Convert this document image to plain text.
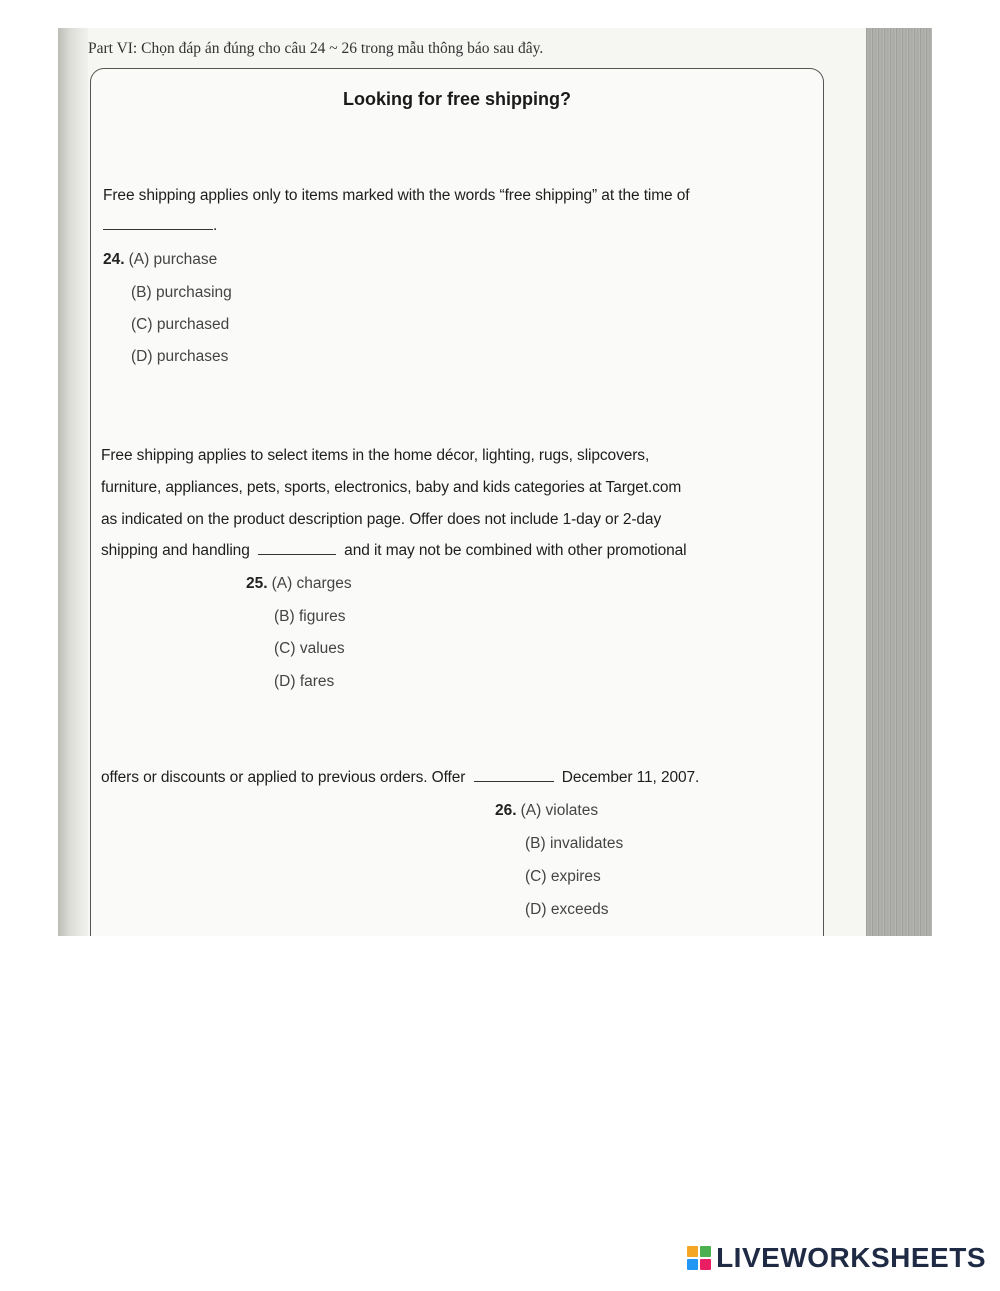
Part VI: Chọn đáp án đúng cho câu 24 ~ 26 trong mẫu thông báo sau đây.
Looking for free shipping?
Free shipping applies only to items marked with the words “free shipping” at the time of
.
24. (A) purchase
(B) purchasing
(C) purchased
(D) purchases
Free shipping applies to select items in the home décor, lighting, rugs, slipcovers,
furniture, appliances, pets, sports, electronics, baby and kids categories at Target.com
as indicated on the product description page. Offer does not include 1-day or 2-day
shipping and handling	and it may not be combined with other promotional
25. (A) charges
(B) figures
(C) values
(D) fares
offers or discounts or applied to previous orders. Offer	December 11, 2007.
26. (A) violates
(B) invalidates
(C) expires
(D) exceeds
LIVEWORKSHEETS
